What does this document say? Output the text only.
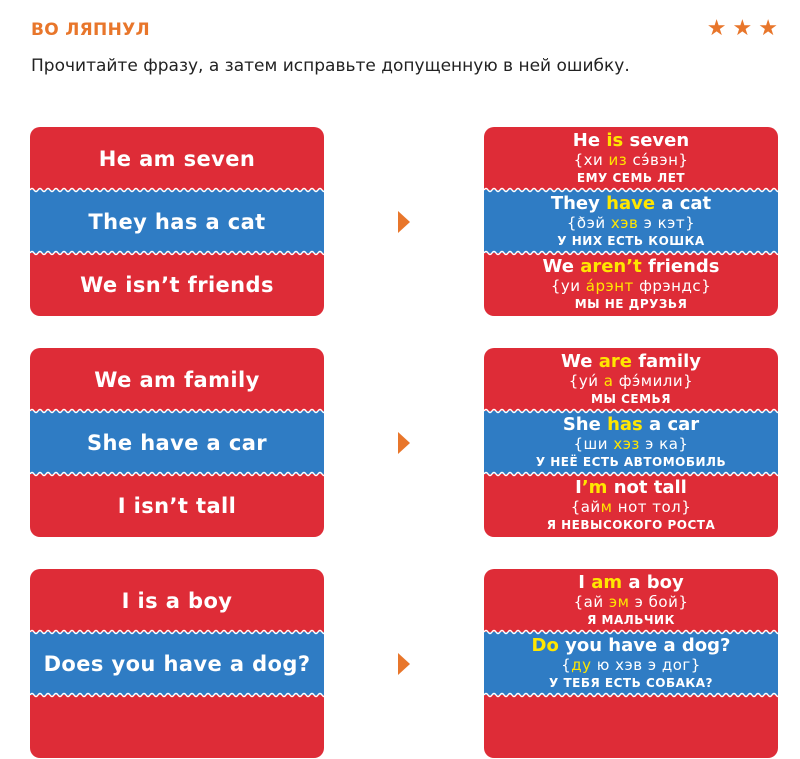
ВО ЛЯПНУЛ	★ ★ ★
Прочитайте фразу, а затем исправьте допущенную в ней ошибку.
He am seven
They has a cat
We isn’t friends
He is seven
{хи из сэ́вэн}
ЕМУ СЕМЬ ЛЕТ
They have a cat
{ðэй хэв э кэт}
У НИХ ЕСТЬ КОШКА
We aren’t friends
{уи а́рэнт фрэндс}
МЫ НЕ ДРУЗЬЯ
We am family
She have a car
I isn’t tall
We are family
{уи́ а фэ́мили}
МЫ СЕМЬЯ
She has a car
{ши хэз э ка}
У НЕЁ ЕСТЬ АВТОМОБИЛЬ
I’m not tall
{айм нот тол}
Я НЕВЫСОКОГО РОСТА
I is a boy
Does you have a dog?
I am a boy
{ай эм э бой}
Я МАЛЬЧИК
Do you have a dog?
{ду ю хэв э дог}
У ТЕБЯ ЕСТЬ СОБАКА?
